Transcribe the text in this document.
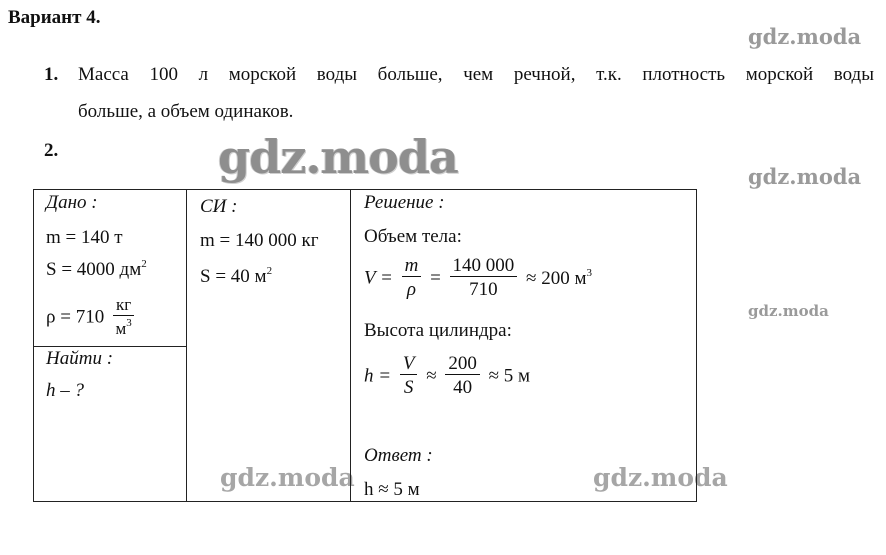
Вариант 4.
gdz.moda
gdz.moda	gdz.moda
gdz.moda
gdz.moda	gdz.moda
1. Масса 100 л морской воды больше, чем речной, т.к. плотность морской воды
больше, а объем одинаков.
2.
Дано :
m = 140 т
S = 4000 $дм^2$
$\rho = 710 \frac{кг}{м^3}$
Найти :
h – ?
СИ :
m = 140 000 кг
S = 40 $м^2$
Решение :
Объем тела:
$V = \frac{m}{\rho} = \frac{140 000}{710} \approx 200$ $м^3$
Высота цилиндра:
$h = \frac{V}{S} \approx \frac{200}{40} \approx 5$ м
Ответ :
h ≈ 5 м
